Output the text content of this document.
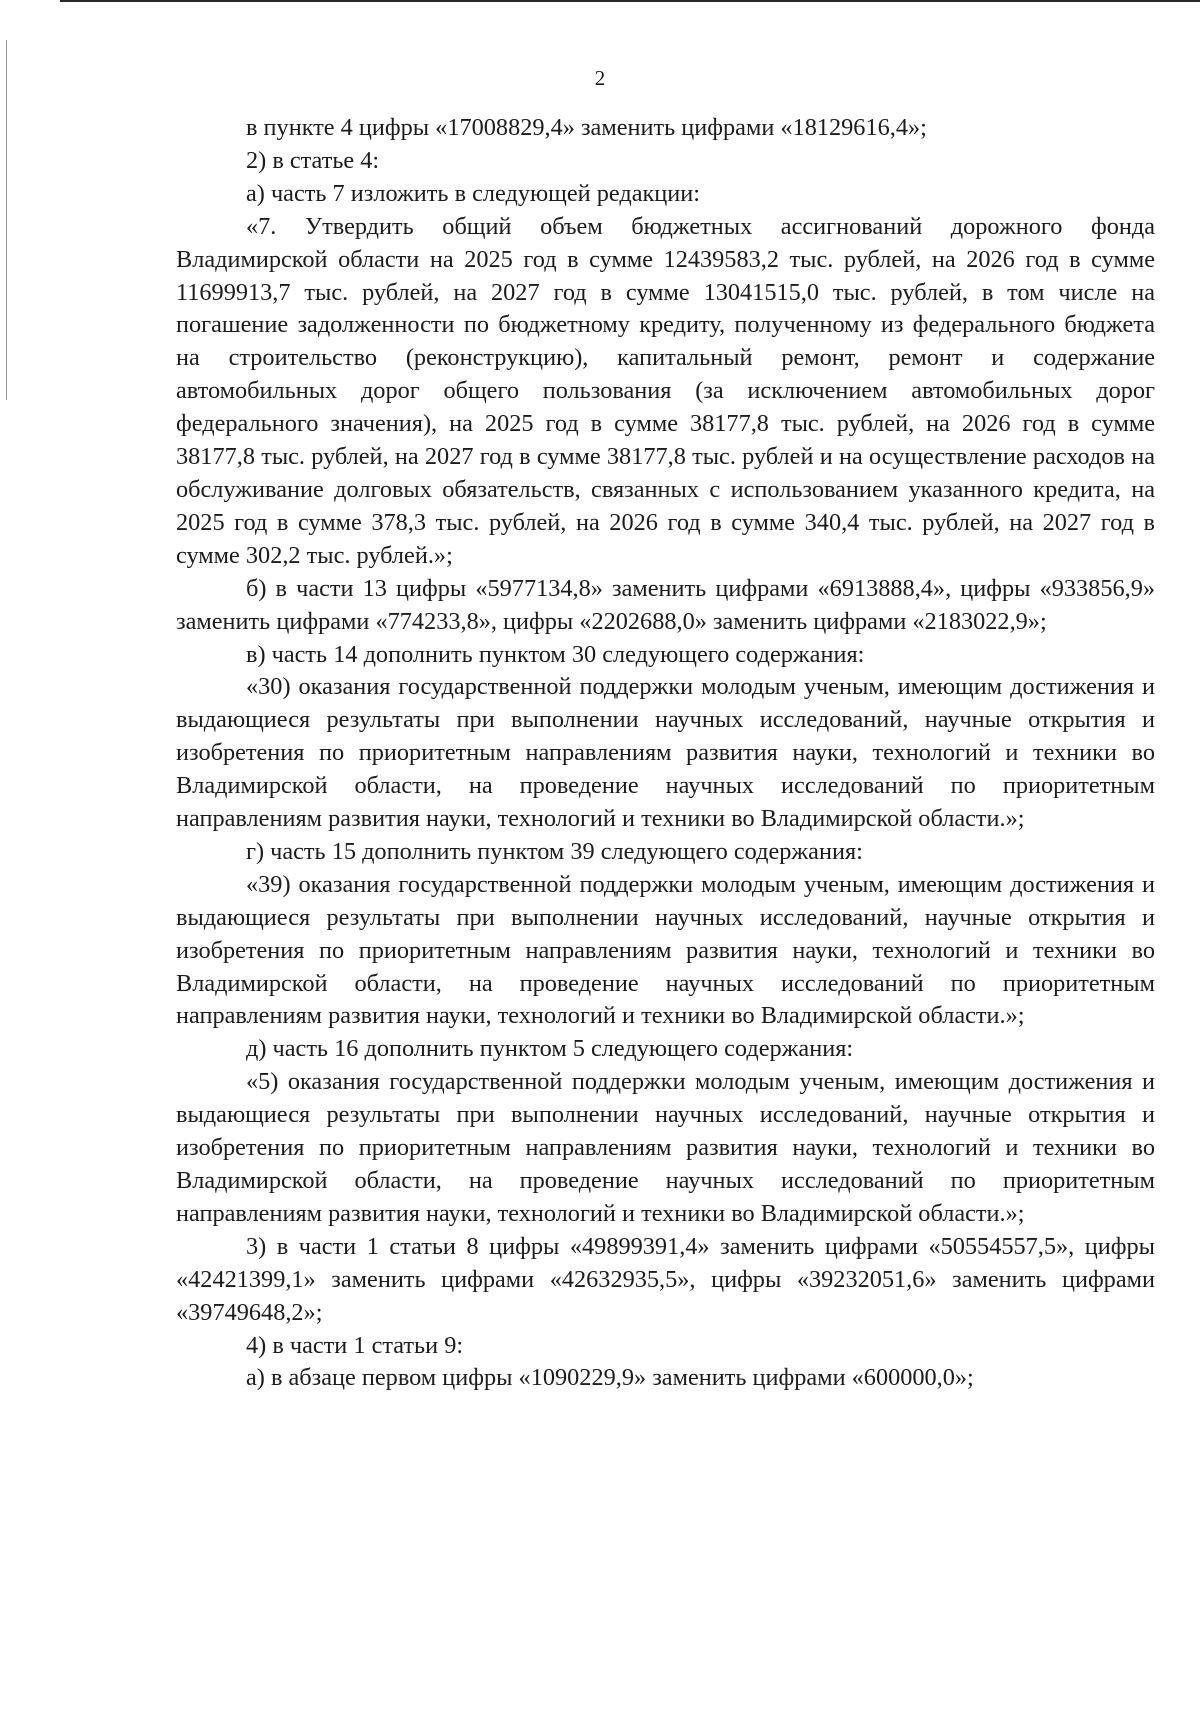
2

в пункте 4 цифры «17008829,4» заменить цифрами «18129616,4»;

2) в статье 4:

а) часть 7 изложить в следующей редакции:

«7. Утвердить общий объем бюджетных ассигнований дорожного фонда Владимирской области на 2025 год в сумме 12439583,2 тыс. рублей, на 2026 год в сумме 11699913,7 тыс. рублей, на 2027 год в сумме 13041515,0 тыс. рублей, в том числе на погашение задолженности по бюджетному кредиту, полученному из федерального бюджета на строительство (реконструкцию), капитальный ремонт, ремонт и содержание автомобильных дорог общего пользования (за исключением автомобильных дорог федерального значения), на 2025 год в сумме 38177,8 тыс. рублей, на 2026 год в сумме 38177,8 тыс. рублей, на 2027 год в сумме 38177,8 тыс. рублей и на осуществление расходов на обслуживание долговых обязательств, связанных с использованием указанного кредита, на 2025 год в сумме 378,3 тыс. рублей, на 2026 год в сумме 340,4 тыс. рублей, на 2027 год в сумме 302,2 тыс. рублей.»;

б) в части 13 цифры «5977134,8» заменить цифрами «6913888,4», цифры «933856,9» заменить цифрами «774233,8», цифры «2202688,0» заменить цифрами «2183022,9»;

в) часть 14 дополнить пунктом 30 следующего содержания:

«30) оказания государственной поддержки молодым ученым, имеющим достижения и выдающиеся результаты при выполнении научных исследований, научные открытия и изобретения по приоритетным направлениям развития науки, технологий и техники во Владимирской области, на проведение научных исследований по приоритетным направлениям развития науки, технологий и техники во Владимирской области.»;

г) часть 15 дополнить пунктом 39 следующего содержания:

«39) оказания государственной поддержки молодым ученым, имеющим достижения и выдающиеся результаты при выполнении научных исследований, научные открытия и изобретения по приоритетным направлениям развития науки, технологий и техники во Владимирской области, на проведение научных исследований по приоритетным направлениям развития науки, технологий и техники во Владимирской области.»;

д) часть 16 дополнить пунктом 5 следующего содержания:

«5) оказания государственной поддержки молодым ученым, имеющим достижения и выдающиеся результаты при выполнении научных исследований, научные открытия и изобретения по приоритетным направлениям развития науки, технологий и техники во Владимирской области, на проведение научных исследований по приоритетным направлениям развития науки, технологий и техники во Владимирской области.»;

3) в части 1 статьи 8 цифры «49899391,4» заменить цифрами «50554557,5», цифры «42421399,1» заменить цифрами «42632935,5», цифры «39232051,6» заменить цифрами «39749648,2»;

4) в части 1 статьи 9:

а) в абзаце первом цифры «1090229,9» заменить цифрами «600000,0»;
